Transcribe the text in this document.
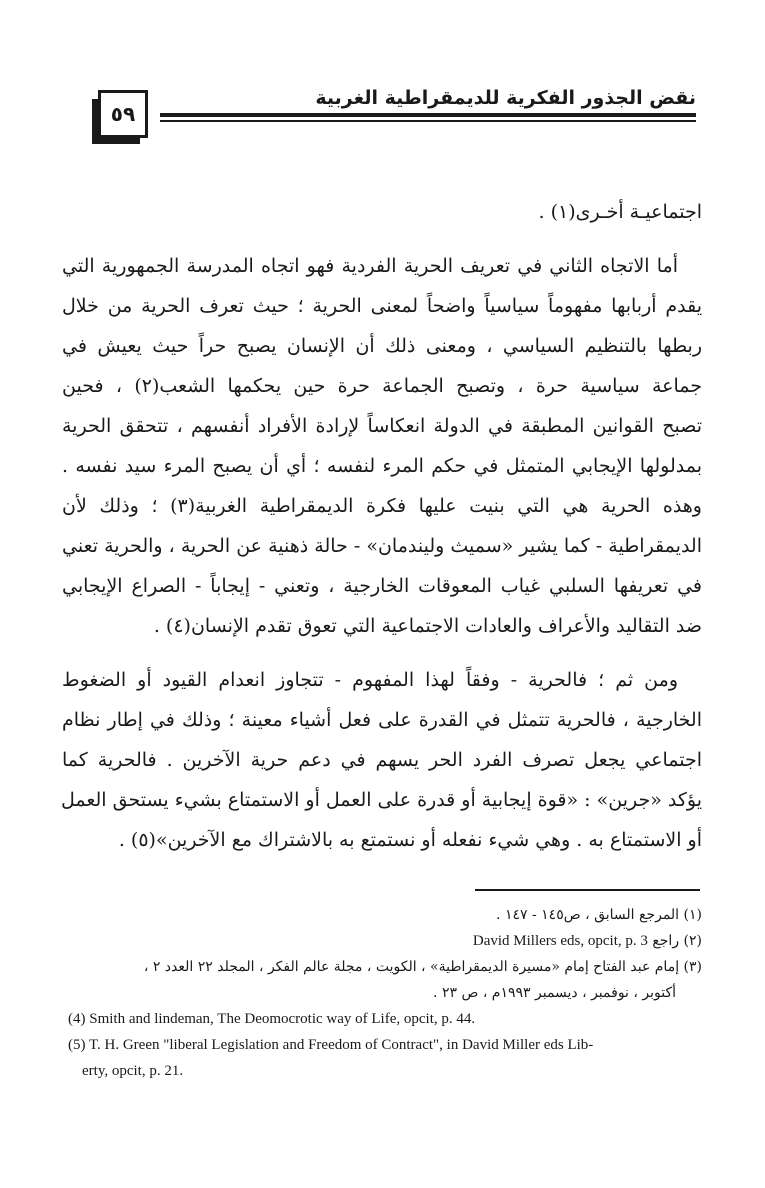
نقض الجذور الفكرية للديمقراطية الغربية
٥٩

اجتماعيـة أخـرى(١) .

أما الاتجاه الثاني في تعريف الحرية الفردية فهو اتجاه المدرسة الجمهورية التي
يقدم أربابها مفهوماً سياسياً واضحاً لمعنى الحرية ؛ حيث تعرف الحرية من خلال
ربطها بالتنظيم السياسي ، ومعنى ذلك أن الإنسان يصبح حراً حيث يعيش في
جماعة سياسية حرة ، وتصبح الجماعة حرة حين يحكمها الشعب(٢) ، فحين
تصبح القوانين المطبقة في الدولة انعكاساً لإرادة الأفراد أنفسهم ، تتحقق الحرية
بمدلولها الإيجابي المتمثل في حكم المرء لنفسه ؛ أي أن يصبح المرء سيد نفسه .
وهذه الحرية هي التي بنيت عليها فكرة الديمقراطية الغربية(٣) ؛ وذلك لأن
الديمقراطية - كما يشير «سميث وليندمان» - حالة ذهنية عن الحرية ، والحرية تعني
في تعريفها السلبي غياب المعوقات الخارجية ، وتعني - إيجاباً - الصراع الإيجابي
ضد التقاليد والأعراف والعادات الاجتماعية التي تعوق تقدم الإنسان(٤) .

ومن ثم ؛ فالحرية - وفقاً لهذا المفهوم - تتجاوز انعدام القيود أو الضغوط
الخارجية ، فالحرية تتمثل في القدرة على فعل أشياء معينة ؛ وذلك في إطار نظام
اجتماعي يجعل تصرف الفرد الحر يسهم في دعم حرية الآخرين . فالحرية كما
يؤكد «جرين» : «قوة إيجابية أو قدرة على العمل أو الاستمتاع بشيء يستحق العمل
أو الاستمتاع به . وهي شيء نفعله أو نستمتع به بالاشتراك مع الآخرين»(٥) .

(١) المرجع السابق ، ص١٤٥ - ١٤٧ .
(٢) راجع David Millers eds, opcit, p. 3
(٣) إمام عبد الفتاح إمام «مسيرة الديمقراطية» ، الكويت ، مجلة عالم الفكر ، المجلد ٢٢ العدد ٢ ،
أكتوبر ، نوفمبر ، ديسمبر ١٩٩٣م ، ص ٢٣ .
(4) Smith and lindeman, The Deomocrotic way of Life, opcit, p. 44.
(5) T. H. Green "liberal Legislation and Freedom of Contract", in David Miller eds Lib-
erty, opcit, p. 21.
